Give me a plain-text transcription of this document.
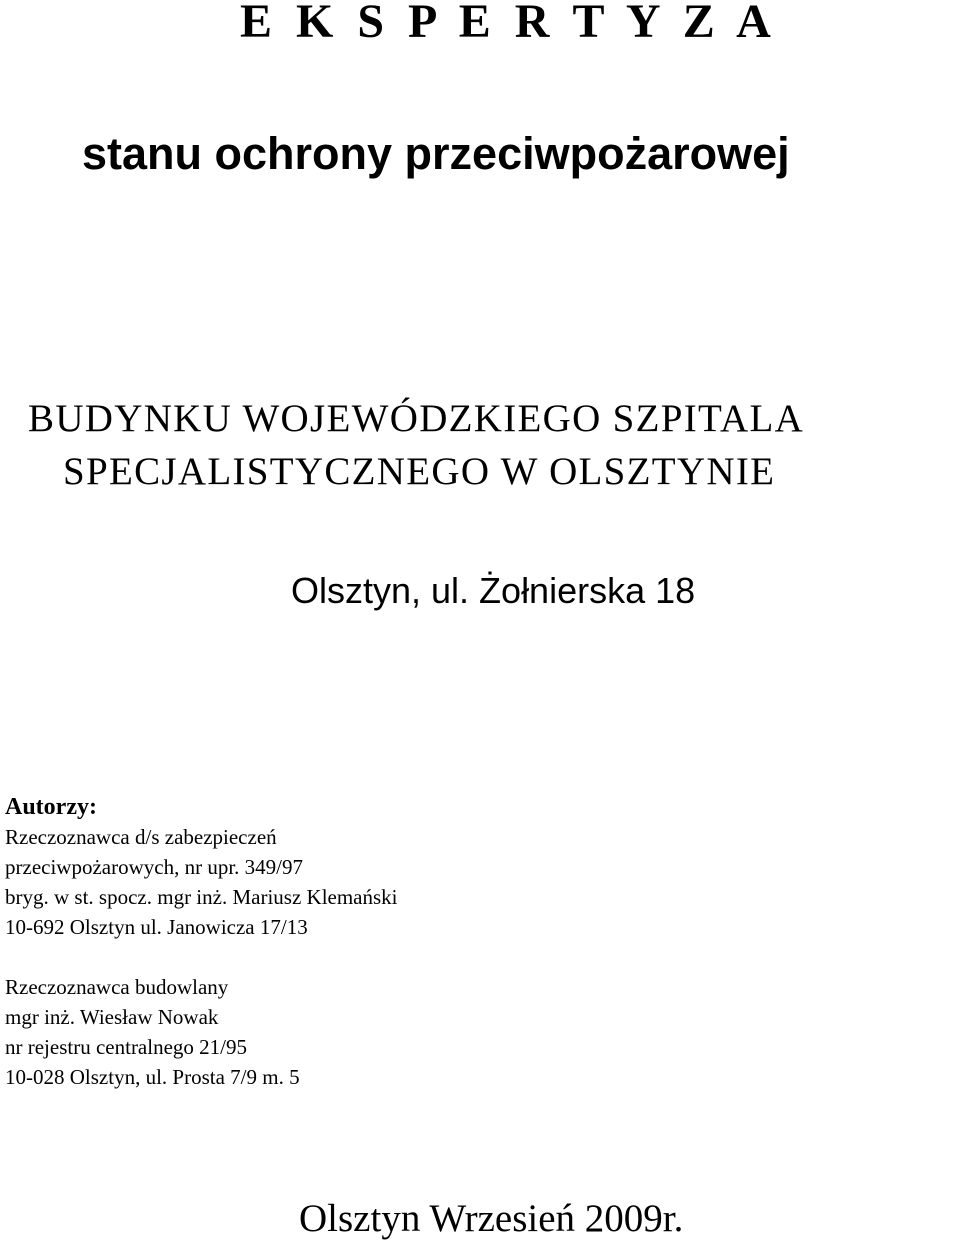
E K S P E R T Y Z A
stanu ochrony przeciwpożarowej

BUDYNKU WOJEWÓDZKIEGO SZPITALA

SPECJALISTYCZNEGO W OLSZTYNIE

Olsztyn, ul. Żołnierska 18

Autorzy:

Rzeczoznawca d/s zabezpieczeń

przeciwpożarowych, nr upr. 349/97

bryg. w st. spocz. mgr inż. Mariusz Klemański

10-692 Olsztyn ul. Janowicza 17/13

Rzeczoznawca budowlany

mgr inż. Wiesław Nowak

nr rejestru centralnego 21/95

10-028 Olsztyn, ul. Prosta 7/9 m. 5

Olsztyn Wrzesień 2009r.
